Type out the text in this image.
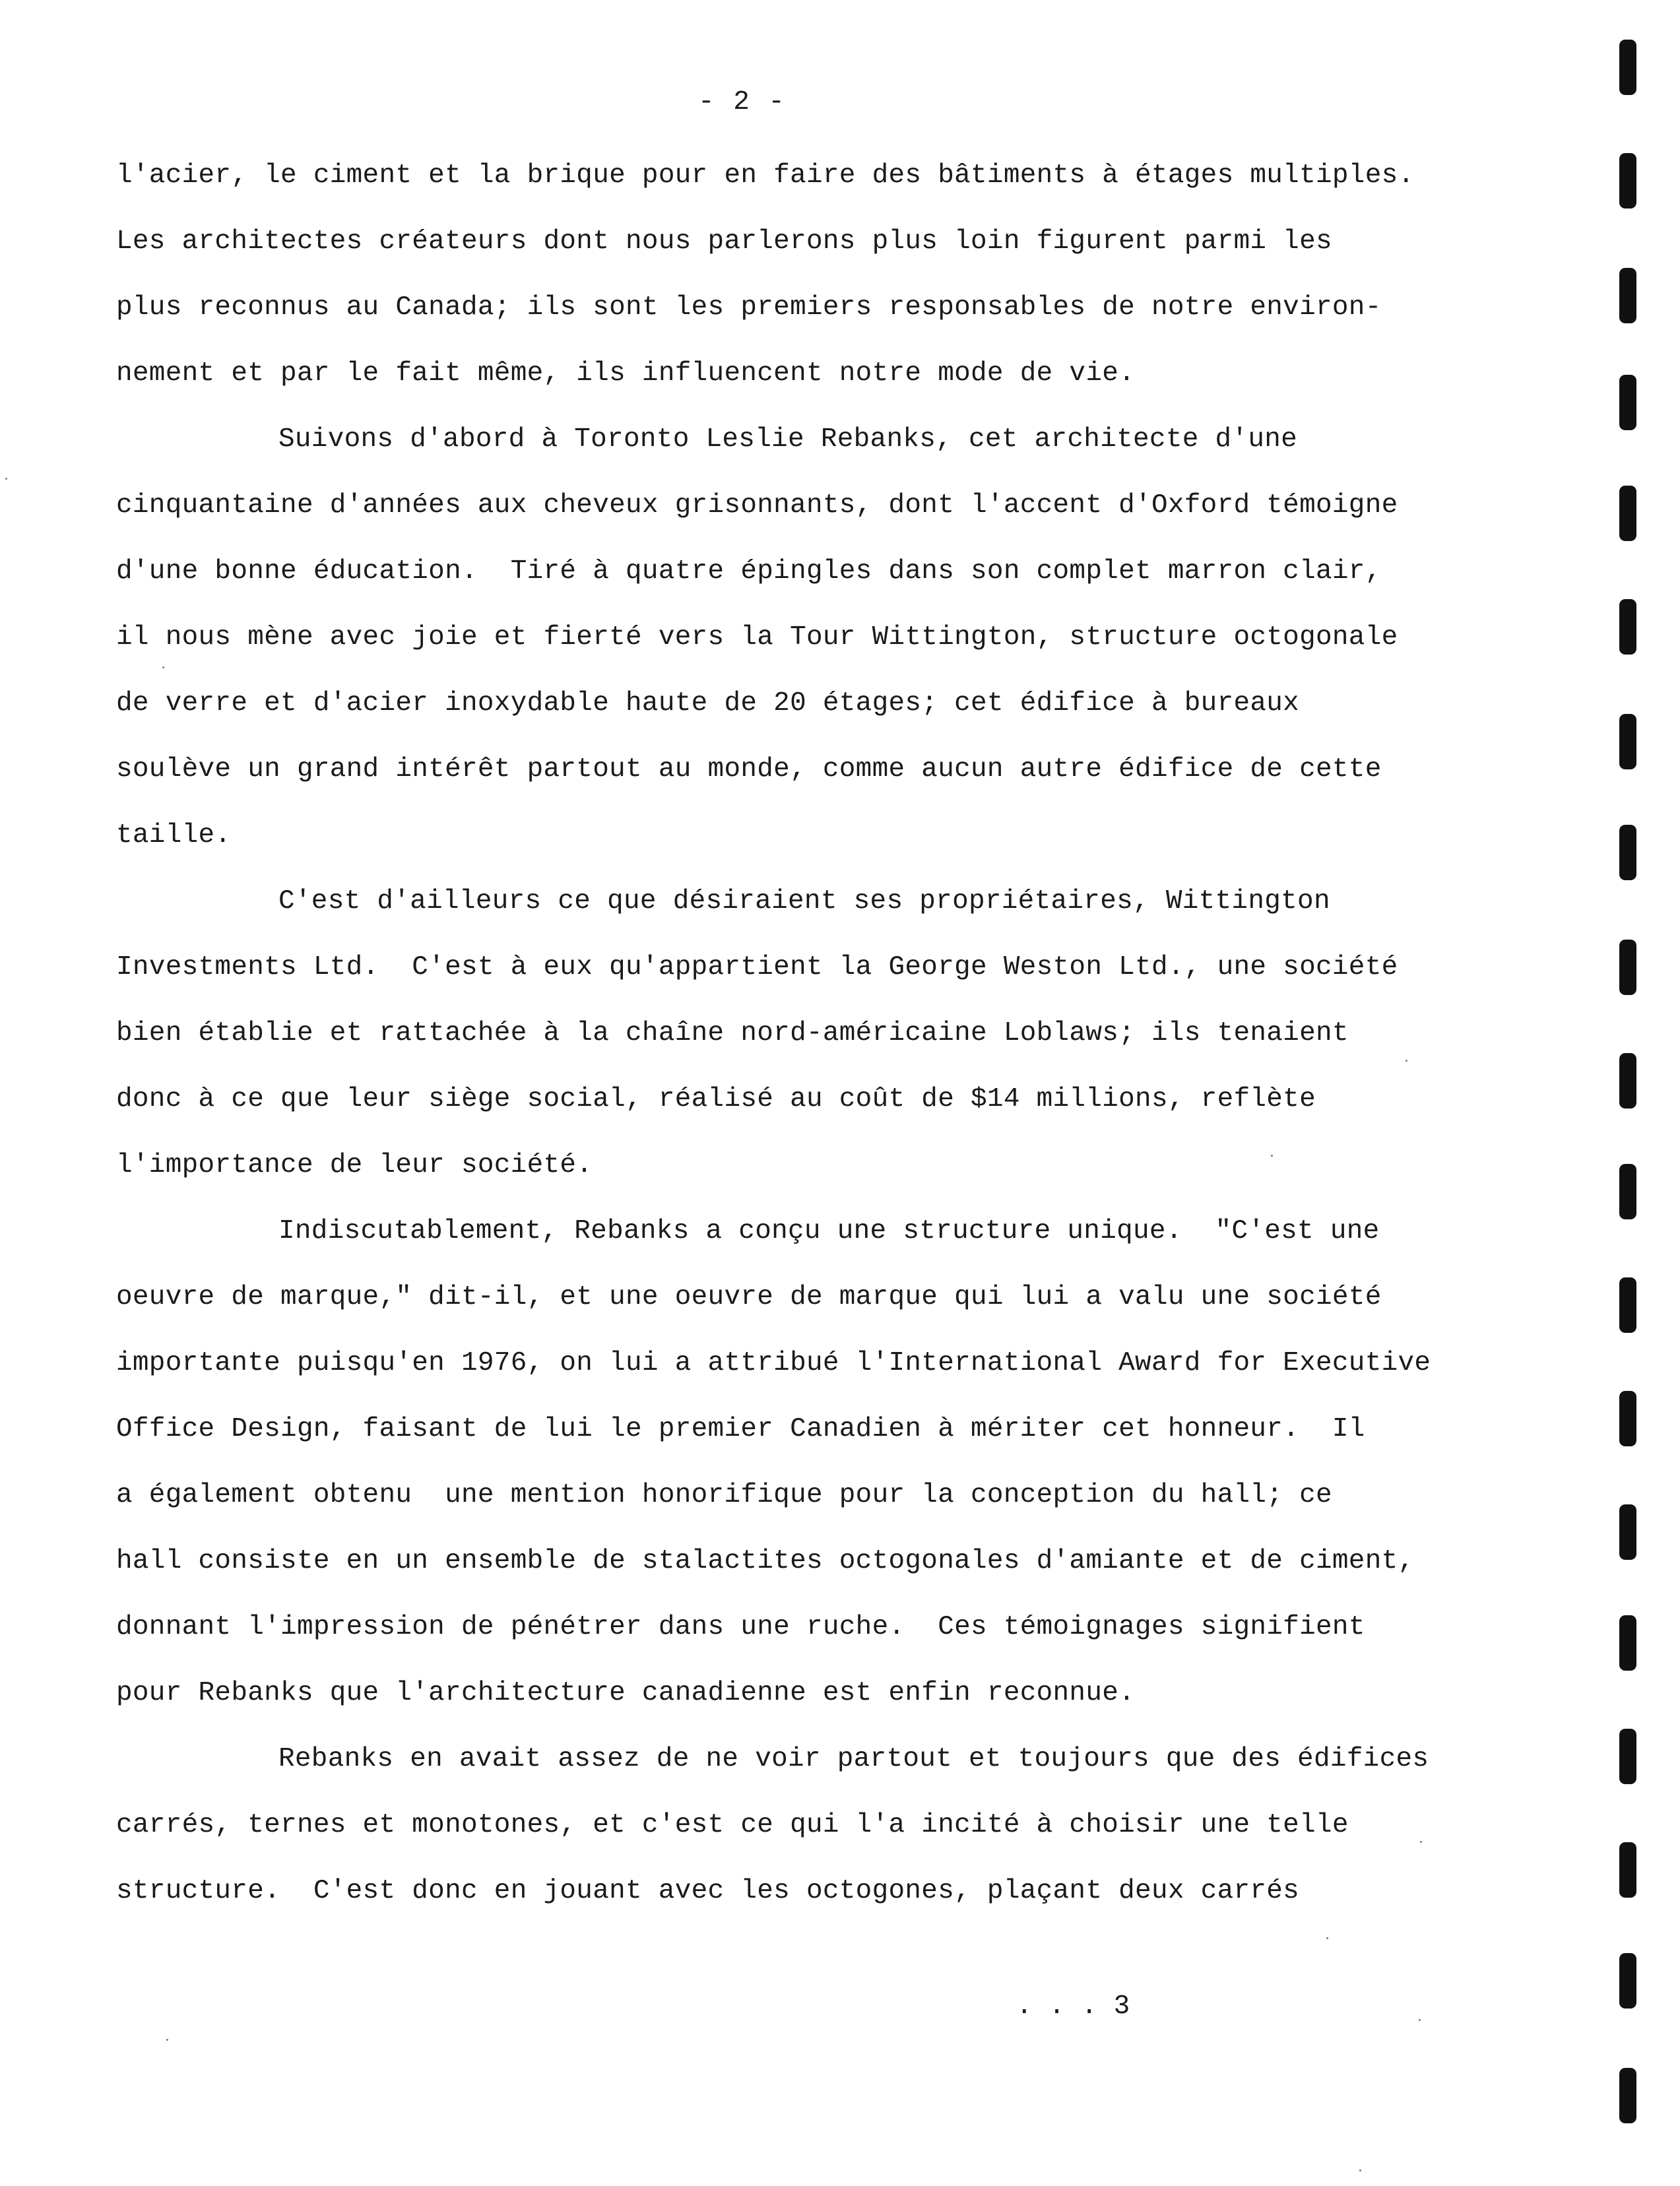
- 2 -
l'acier, le ciment et la brique pour en faire des bâtiments à étages multiples.
Les architectes créateurs dont nous parlerons plus loin figurent parmi les
plus reconnus au Canada; ils sont les premiers responsables de notre environ-
nement et par le fait même, ils influencent notre mode de vie.
Suivons d'abord à Toronto Leslie Rebanks, cet architecte d'une
cinquantaine d'années aux cheveux grisonnants, dont l'accent d'Oxford témoigne
d'une bonne éducation.  Tiré à quatre épingles dans son complet marron clair,
il nous mène avec joie et fierté vers la Tour Wittington, structure octogonale
de verre et d'acier inoxydable haute de 20 étages; cet édifice à bureaux
soulève un grand intérêt partout au monde, comme aucun autre édifice de cette
taille.
C'est d'ailleurs ce que désiraient ses propriétaires, Wittington
Investments Ltd.  C'est à eux qu'appartient la George Weston Ltd., une société
bien établie et rattachée à la chaîne nord-américaine Loblaws; ils tenaient
donc à ce que leur siège social, réalisé au coût de $14 millions, reflète
l'importance de leur société.
Indiscutablement, Rebanks a conçu une structure unique.  "C'est une
oeuvre de marque," dit-il, et une oeuvre de marque qui lui a valu une société
importante puisqu'en 1976, on lui a attribué l'International Award for Executive
Office Design, faisant de lui le premier Canadien à mériter cet honneur.  Il
a également obtenu  une mention honorifique pour la conception du hall; ce
hall consiste en un ensemble de stalactites octogonales d'amiante et de ciment,
donnant l'impression de pénétrer dans une ruche.  Ces témoignages signifient
pour Rebanks que l'architecture canadienne est enfin reconnue.
Rebanks en avait assez de ne voir partout et toujours que des édifices
carrés, ternes et monotones, et c'est ce qui l'a incité à choisir une telle
structure.  C'est donc en jouant avec les octogones, plaçant deux carrés
. . . 3
